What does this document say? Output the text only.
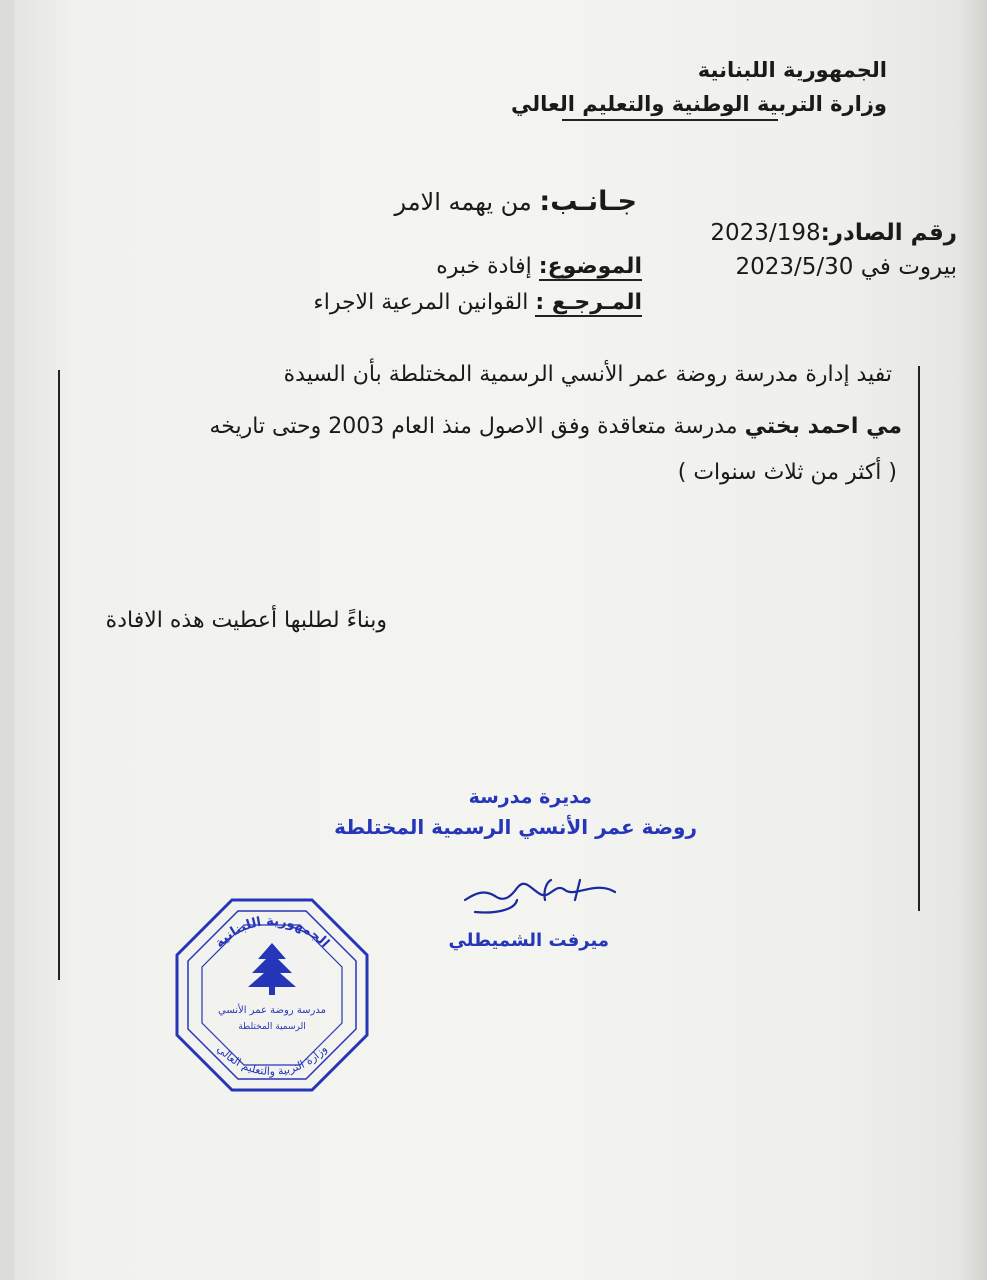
الجمهورية اللبنانية
وزارة التربية الوطنية والتعليم العالي
جـانـب: من يهمه الامر
رقم الصادر:2023/198
بيروت في 2023/5/30
الموضوع: إفادة خبره
المـرجـع : القوانين المرعية الاجراء
تفيد إدارة مدرسة روضة عمر الأنسي الرسمية المختلطة بأن السيدة
مي احمد بختي مدرسة متعاقدة وفق الاصول منذ العام 2003 وحتى تاريخه
( أكثر من ثلاث سنوات )
وبناءً لطلبها أعطيت هذه الافادة
مديرة مدرسة
روضة عمر الأنسي الرسمية المختلطة
ميرفت الشميطلي
الجمهورية اللبنانية
وزارة التربية والتعليم العالي
مدرسة روضة عمر الأنسي
الرسمية المختلطة
